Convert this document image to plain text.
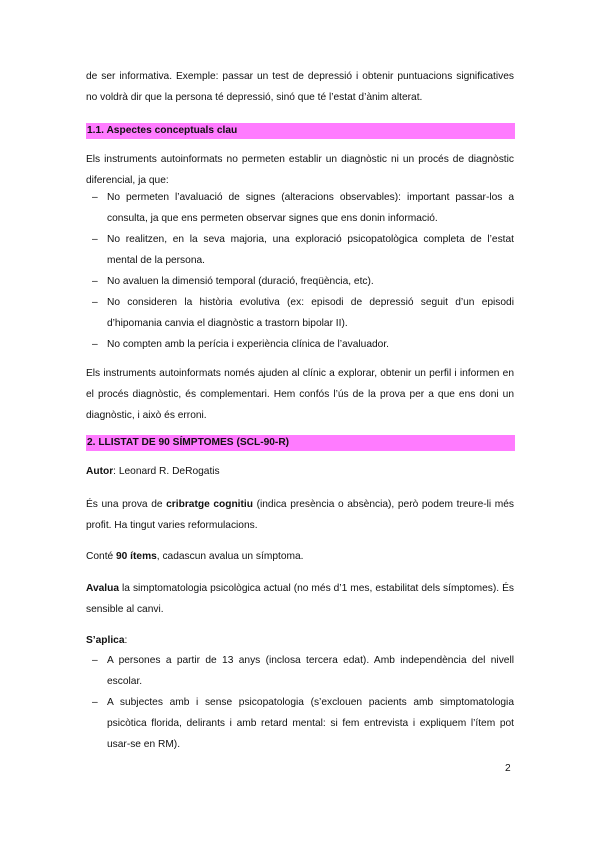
de ser informativa. Exemple: passar un test de depressió i obtenir puntuacions significatives no voldrà dir que la persona té depressió, sinó que té l’estat d’ànim alterat.

1.1. Aspectes conceptuals clau

Els instruments autoinformats no permeten establir un diagnòstic ni un procés de diagnòstic diferencial, ja que:

– No permeten l’avaluació de signes (alteracions observables): important passar-los a consulta, ja que ens permeten observar signes que ens donin informació.
– No realitzen, en la seva majoria, una exploració psicopatològica completa de l’estat mental de la persona.
– No avaluen la dimensió temporal (duració, freqüència, etc).
– No consideren la història evolutiva (ex: episodi de depressió seguit d’un episodi d’hipomania canvia el diagnòstic a trastorn bipolar II).
– No compten amb la perícia i experiència clínica de l’avaluador.

Els instruments autoinformats només ajuden al clínic a explorar, obtenir un perfil i informen en el procés diagnòstic, és complementari. Hem confós l’ús de la prova per a que ens doni un diagnòstic, i això és erroni.

2. LLISTAT DE 90 SÍMPTOMES (SCL-90-R)

Autor: Leonard R. DeRogatis

És una prova de cribratge cognitiu (indica presència o absència), però podem treure-li més profit. Ha tingut varies reformulacions.

Conté 90 ítems, cadascun avalua un símptoma.

Avalua la simptomatologia psicològica actual (no més d’1 mes, estabilitat dels símptomes). És sensible al canvi.

S’aplica:

– A persones a partir de 13 anys (inclosa tercera edat). Amb independència del nivell escolar.
– A subjectes amb i sense psicopatologia (s’exclouen pacients amb simptomatologia psicòtica florida, delirants i amb retard mental: si fem entrevista i expliquem l’ítem pot usar-se en RM).
2
